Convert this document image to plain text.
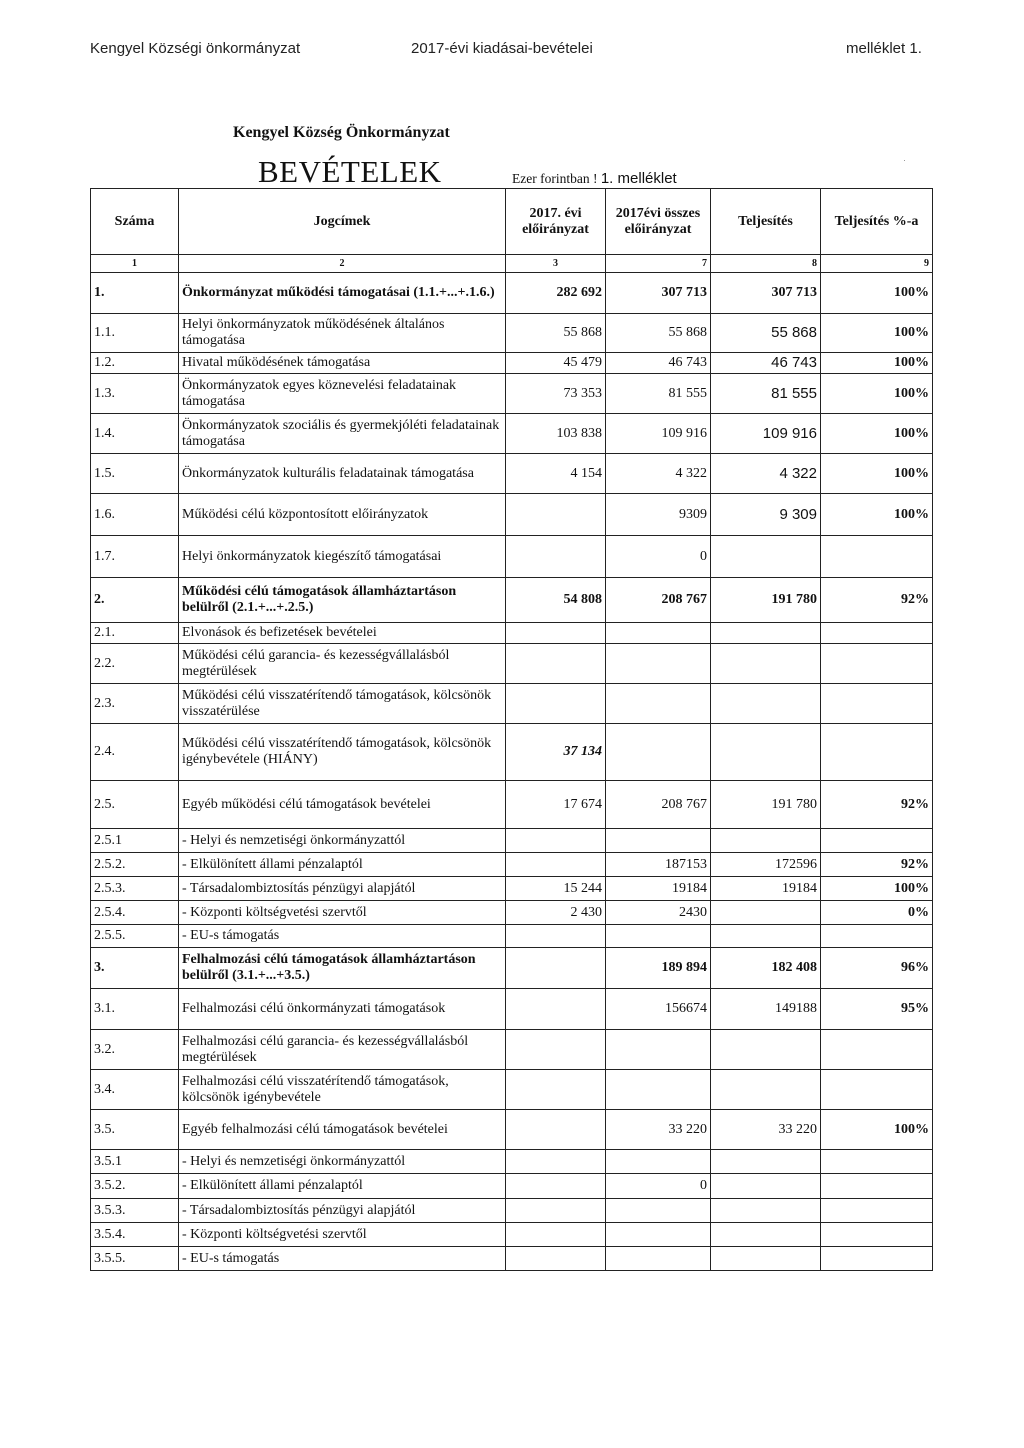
Kengyel Községi önkormányzat	2017-évi kiadásai-bevételei	melléklet 1.
Kengyel Község Önkormányzat
BEVÉTELEK	Ezer forintban ! 1. melléklet
Száma	Jogcímek	2017. évi előirányzat	2017évi összes előirányzat	Teljesítés	Teljesítés %-a
1	2	3	7	8	9
1.	Önkormányzat működési támogatásai (1.1.+...+.1.6.)	282 692	307 713	307 713	100%
1.1.	Helyi önkormányzatok működésének általános támogatása	55 868	55 868	55 868	100%
1.2.	Hivatal működésének támogatása	45 479	46 743	46 743	100%
1.3.	Önkormányzatok egyes köznevelési feladatainak támogatása	73 353	81 555	81 555	100%
1.4.	Önkormányzatok szociális és gyermekjóléti feladatainak támogatása	103 838	109 916	109 916	100%
1.5.	Önkormányzatok kulturális feladatainak támogatása	4 154	4 322	4 322	100%
1.6.	Működési célú központosított előirányzatok		9309	9 309	100%
1.7.	Helyi önkormányzatok kiegészítő támogatásai		0		
2.	Működési célú támogatások államháztartáson belülről (2.1.+...+.2.5.)	54 808	208 767	191 780	92%
2.1.	Elvonások és befizetések bevételei				
2.2.	Működési célú garancia- és kezességvállalásból megtérülések				
2.3.	Működési célú visszatérítendő támogatások, kölcsönök visszatérülése				
2.4.	Működési célú visszatérítendő támogatások, kölcsönök igénybevétele (HIÁNY)	37 134			
2.5.	Egyéb működési célú támogatások bevételei	17 674	208 767	191 780	92%
2.5.1	- Helyi és nemzetiségi önkormányzattól				
2.5.2.	- Elkülönített állami pénzalaptól		187153	172596	92%
2.5.3.	- Társadalombiztosítás pénzügyi alapjától	15 244	19184	19184	100%
2.5.4.	- Központi költségvetési szervtől	2 430	2430		0%
2.5.5.	- EU-s támogatás				
3.	Felhalmozási célú támogatások államháztartáson belülről (3.1.+...+3.5.)		189 894	182 408	96%
3.1.	Felhalmozási célú önkormányzati támogatások		156674	149188	95%
3.2.	Felhalmozási célú garancia- és kezességvállalásból megtérülések				
3.4.	Felhalmozási célú visszatérítendő támogatások, kölcsönök igénybevétele				
3.5.	Egyéb felhalmozási célú támogatások bevételei		33 220	33 220	100%
3.5.1	- Helyi és nemzetiségi önkormányzattól				
3.5.2.	- Elkülönített állami pénzalaptól		0		
3.5.3.	- Társadalombiztosítás pénzügyi alapjától				
3.5.4.	- Központi költségvetési szervtől				
3.5.5.	- EU-s támogatás				
